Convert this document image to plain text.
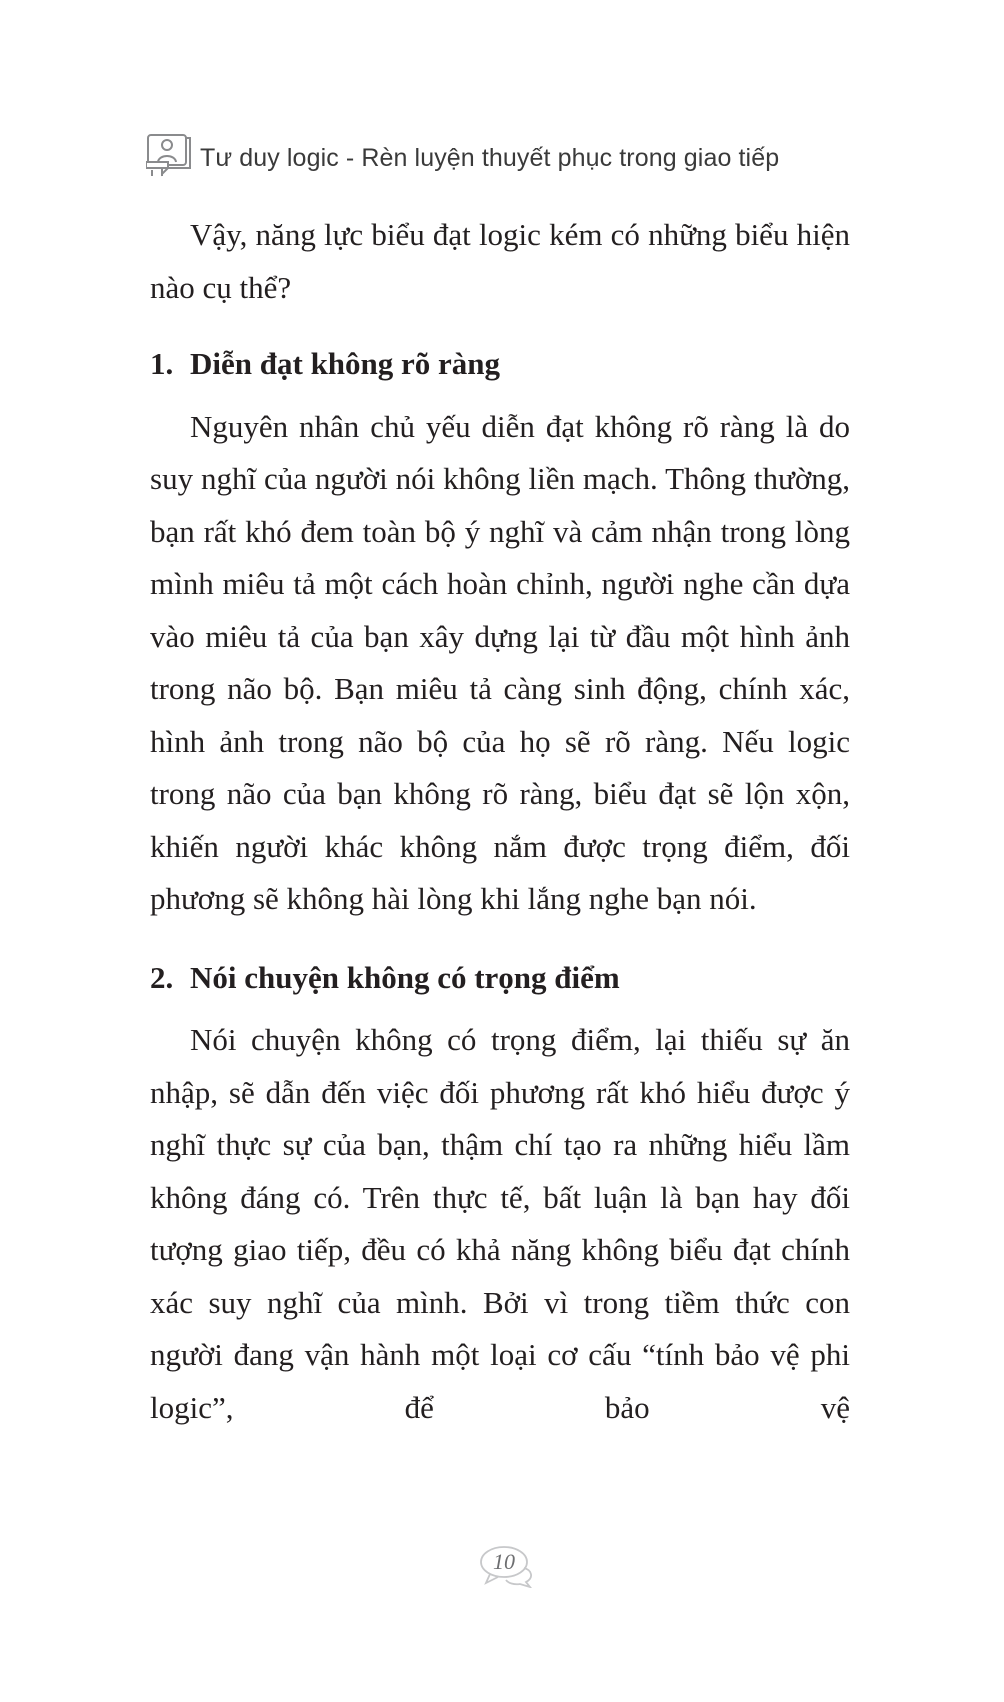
Tư duy logic - Rèn luyện thuyết phục trong giao tiếp

Vậy, năng lực biểu đạt logic kém có những biểu hiện nào cụ thể?

1. Diễn đạt không rõ ràng

Nguyên nhân chủ yếu diễn đạt không rõ ràng là do suy nghĩ của người nói không liền mạch. Thông thường, bạn rất khó đem toàn bộ ý nghĩ và cảm nhận trong lòng mình miêu tả một cách hoàn chỉnh, người nghe cần dựa vào miêu tả của bạn xây dựng lại từ đầu một hình ảnh trong não bộ. Bạn miêu tả càng sinh động, chính xác, hình ảnh trong não bộ của họ sẽ rõ ràng. Nếu logic trong não của bạn không rõ ràng, biểu đạt sẽ lộn xộn, khiến người khác không nắm được trọng điểm, đối phương sẽ không hài lòng khi lắng nghe bạn nói.

2. Nói chuyện không có trọng điểm

Nói chuyện không có trọng điểm, lại thiếu sự ăn nhập, sẽ dẫn đến việc đối phương rất khó hiểu được ý nghĩ thực sự của bạn, thậm chí tạo ra những hiểu lầm không đáng có. Trên thực tế, bất luận là bạn hay đối tượng giao tiếp, đều có khả năng không biểu đạt chính xác suy nghĩ của mình. Bởi vì trong tiềm thức con người đang vận hành một loại cơ cấu “tính bảo vệ phi logic”, để bảo vệ

10
